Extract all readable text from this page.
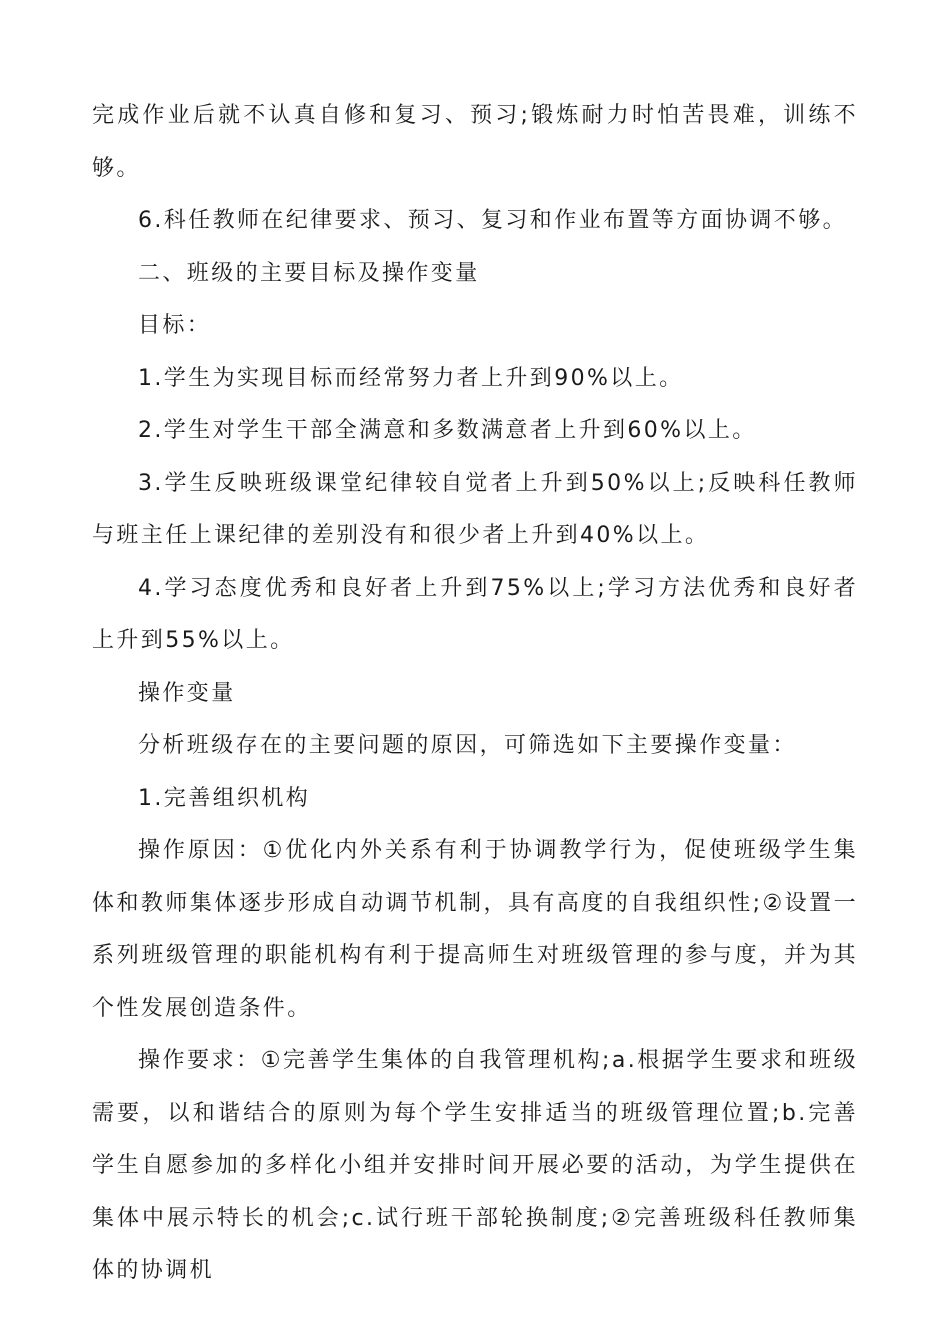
完成作业后就不认真自修和复习、预习;锻炼耐力时怕苦畏难，训练不够。

6.科任教师在纪律要求、预习、复习和作业布置等方面协调不够。

二、班级的主要目标及操作变量

目标：

1.学生为实现目标而经常努力者上升到90%以上。

2.学生对学生干部全满意和多数满意者上升到60%以上。

3.学生反映班级课堂纪律较自觉者上升到50%以上;反映科任教师与班主任上课纪律的差别没有和很少者上升到40%以上。

4.学习态度优秀和良好者上升到75%以上;学习方法优秀和良好者上升到55%以上。

操作变量

分析班级存在的主要问题的原因，可筛选如下主要操作变量：

1.完善组织机构

操作原因：①优化内外关系有利于协调教学行为，促使班级学生集体和教师集体逐步形成自动调节机制，具有高度的自我组织性;②设置一系列班级管理的职能机构有利于提高师生对班级管理的参与度，并为其个性发展创造条件。

操作要求：①完善学生集体的自我管理机构;a.根据学生要求和班级需要，以和谐结合的原则为每个学生安排适当的班级管理位置;b.完善学生自愿参加的多样化小组并安排时间开展必要的活动，为学生提供在集体中展示特长的机会;c.试行班干部轮换制度;②完善班级科任教师集体的协调机
